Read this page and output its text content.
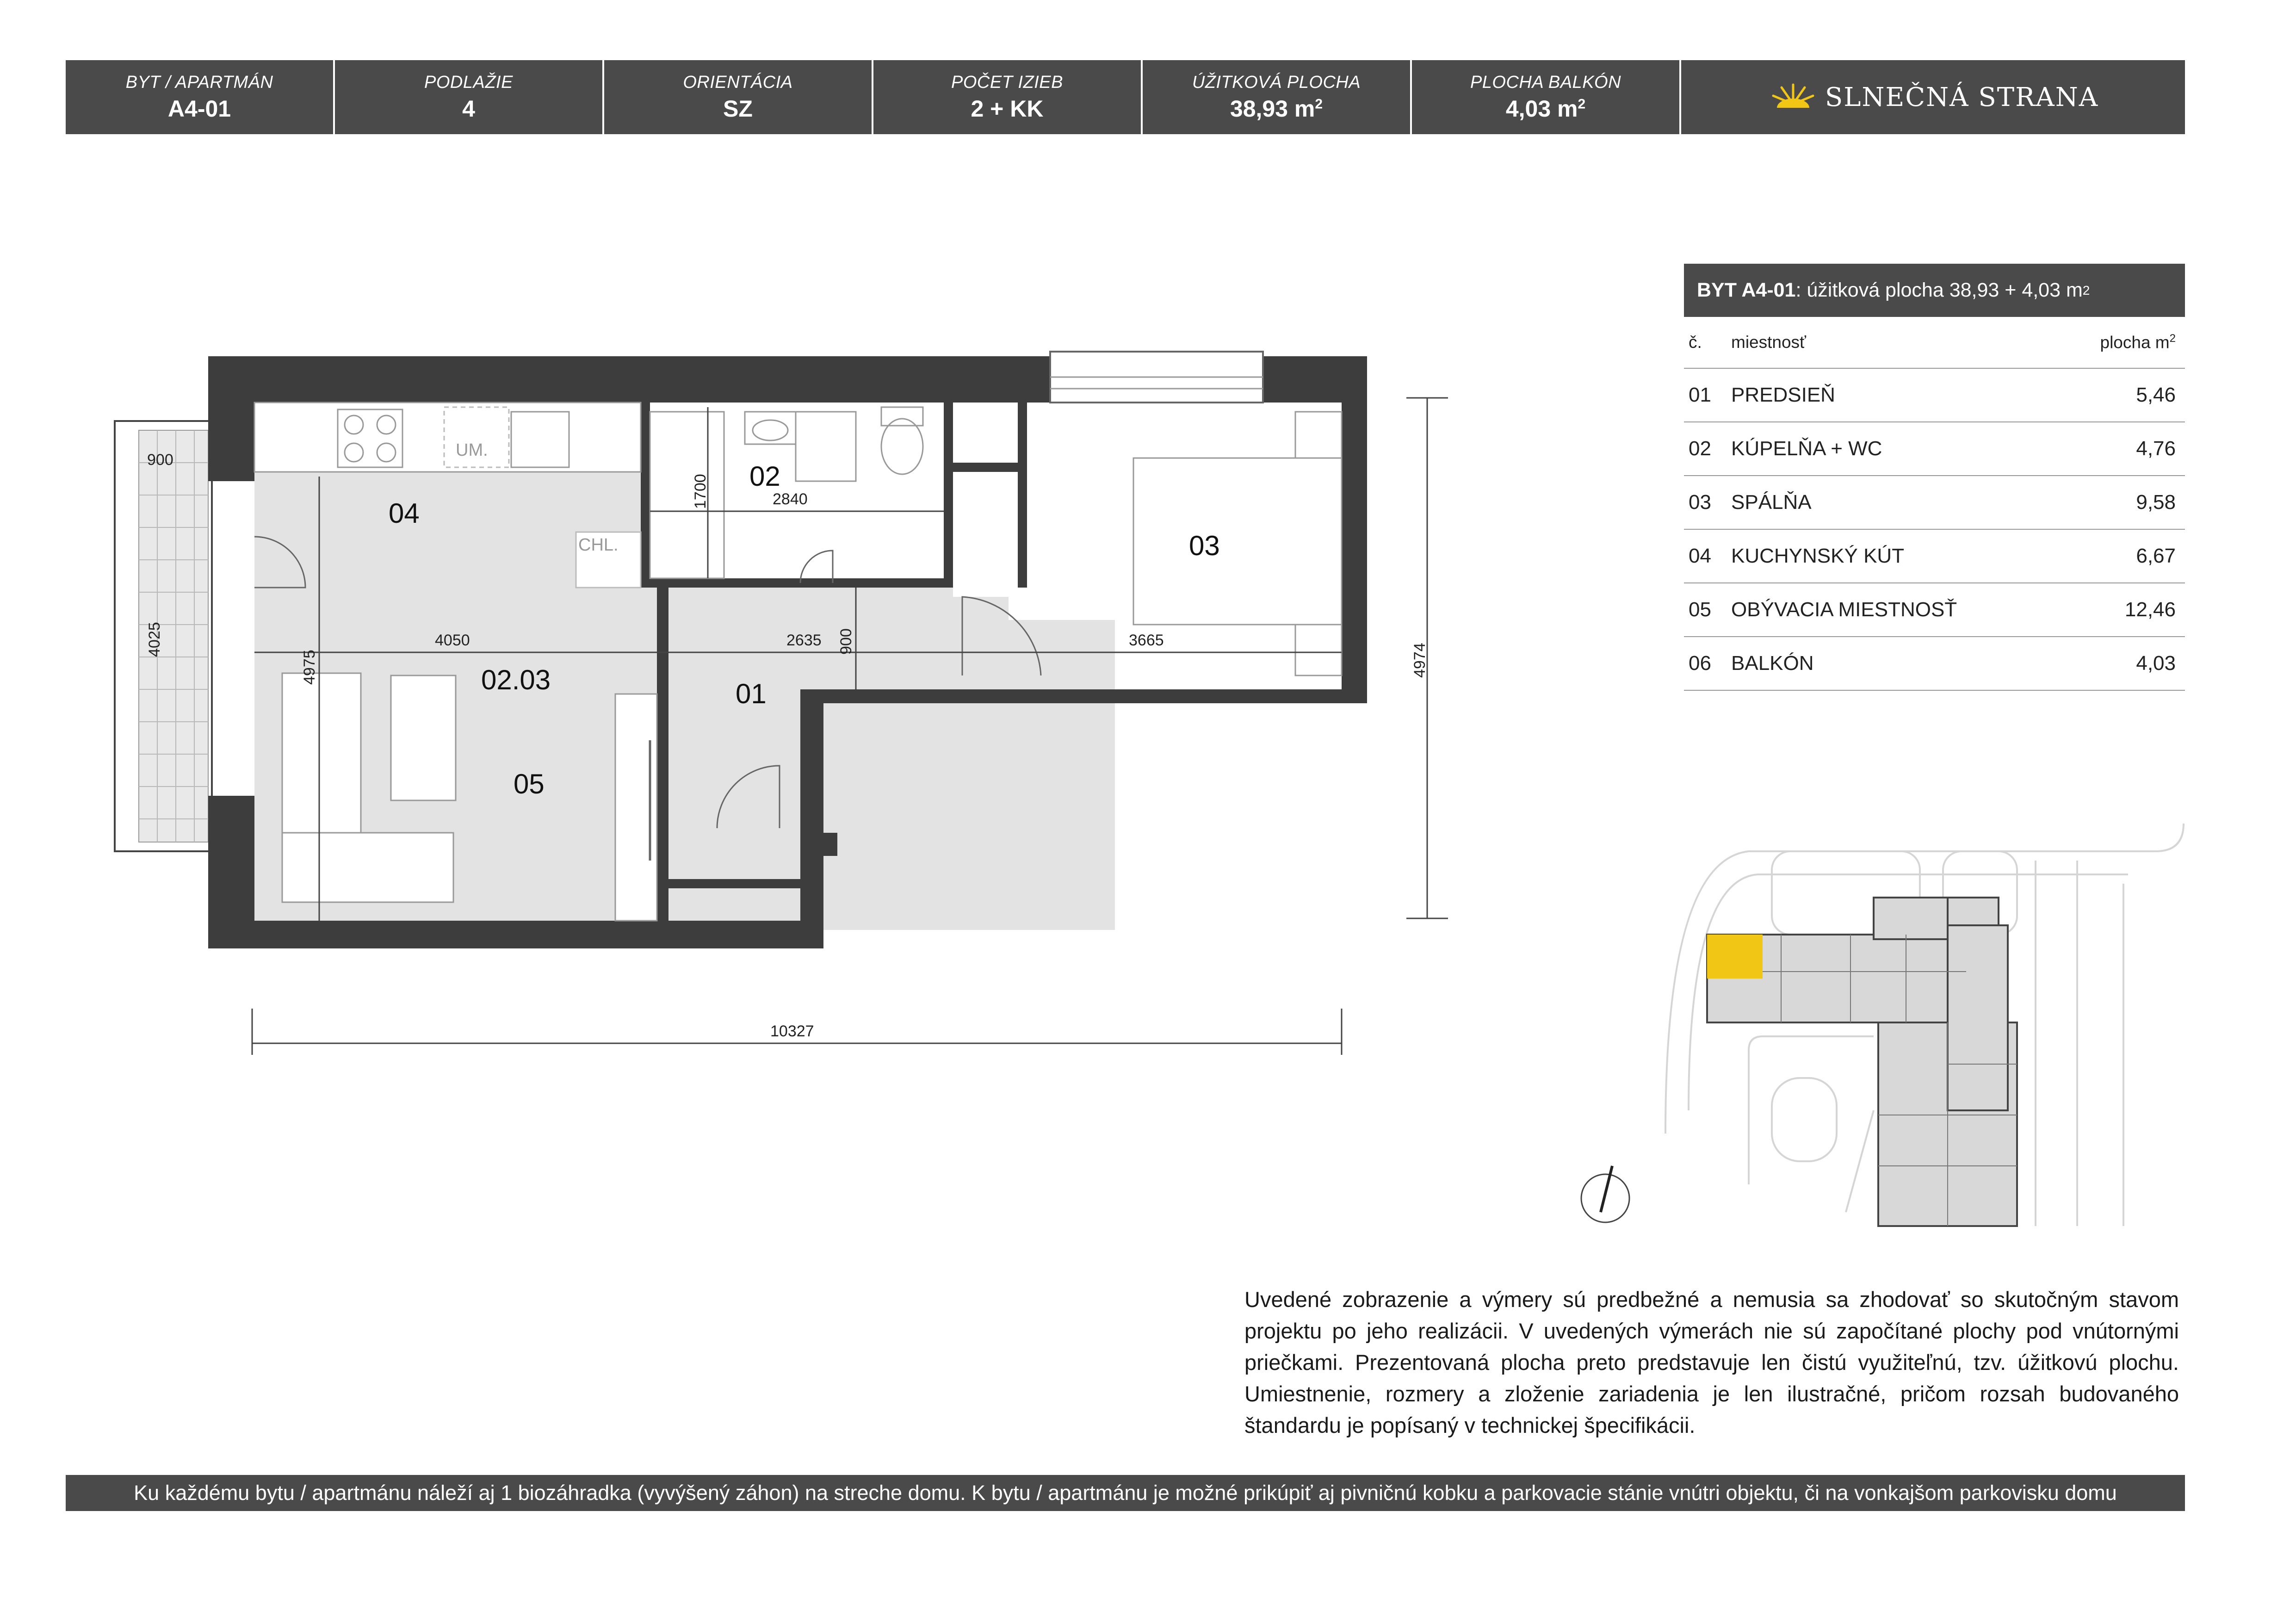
BYT / APARTMÁN
A4-01
PODLAŽIE
4
ORIENTÁCIA
SZ
POČET IZIEB
2 + KK
ÚŽITKOVÁ PLOCHA
38,93 $m^2$
PLOCHA BALKÓN
4,03 $m^2$	SLNEČNÁ STRANA
BYT A4-01 : úžitková plocha 38,93 + 4,03 m 2
č.	miestnosť	plocha $m^2$
01 PREDSIEŇ	5,46
02 KÚPELŇA + WC	4,76
03 SPÁLŇA	9,58
04 KUCHYNSKÝ KÚT	6,67
05 OBÝVACIA MIESTNOSŤ	12,46
06 BALKÓN	4,03
UM.
CHL.
04
02
03
02.03	01
05
900
4025
4975
4050
1700	2840
2635 900	3665
4974
10327
Uvedené zobrazenie a výmery sú predbežné a nemusia sa zhodovať so skutočným stavom projektu po jeho realizácii. V uvedených výmerách nie sú započítané plochy pod vnútornými priečkami. Prezentovaná plocha preto predstavuje len čistú využiteľnú, tzv. úžitkovú plochu. Umiestnenie, rozmery a zloženie zariadenia je len ilustračné, pričom rozsah budovaného štandardu je popísaný v technickej špecifikácii.
Ku každému bytu / apartmánu náleží aj 1 biozáhradka (vyvýšený záhon) na streche domu. K bytu / apartmánu je možné prikúpiť aj pivničnú kobku a parkovacie stánie vnútri objektu, či na vonkajšom parkovisku domu
